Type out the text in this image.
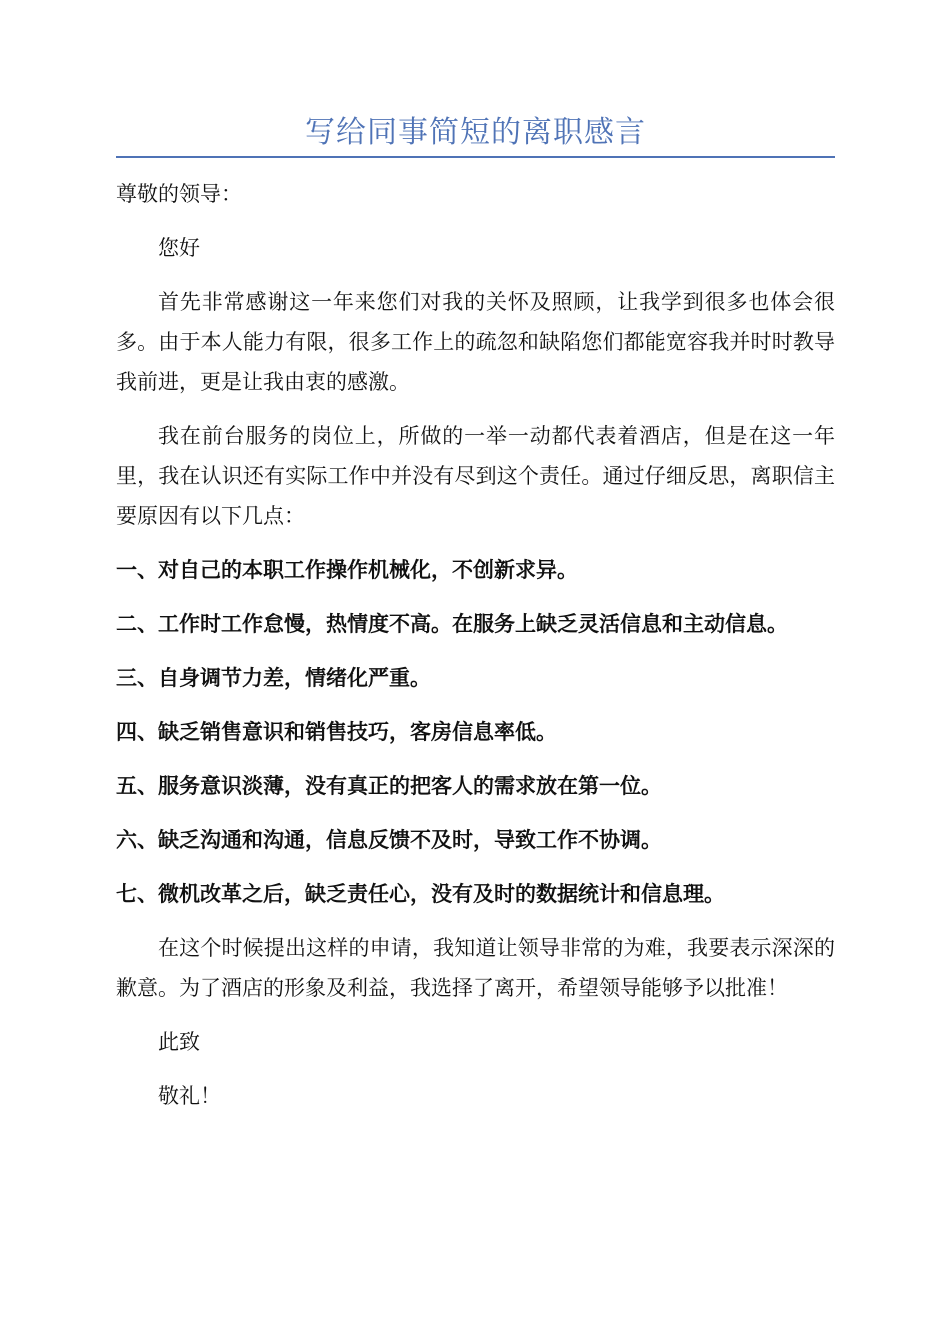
写给同事简短的离职感言

尊敬的领导：

您好

首先非常感谢这一年来您们对我的关怀及照顾，让我学到很多也体会很多。由于本人能力有限，很多工作上的疏忽和缺陷您们都能宽容我并时时教导我前进，更是让我由衷的感激。

我在前台服务的岗位上，所做的一举一动都代表着酒店，但是在这一年里，我在认识还有实际工作中并没有尽到这个责任。通过仔细反思，离职信主要原因有以下几点：

一、对自己的本职工作操作机械化，不创新求异。

二、工作时工作怠慢，热情度不高。在服务上缺乏灵活信息和主动信息。

三、自身调节力差，情绪化严重。

四、缺乏销售意识和销售技巧，客房信息率低。

五、服务意识淡薄，没有真正的把客人的需求放在第一位。

六、缺乏沟通和沟通，信息反馈不及时，导致工作不协调。

七、微机改革之后，缺乏责任心，没有及时的数据统计和信息理。

在这个时候提出这样的申请，我知道让领导非常的为难，我要表示深深的歉意。为了酒店的形象及利益，我选择了离开，希望领导能够予以批准！

此致

敬礼！
